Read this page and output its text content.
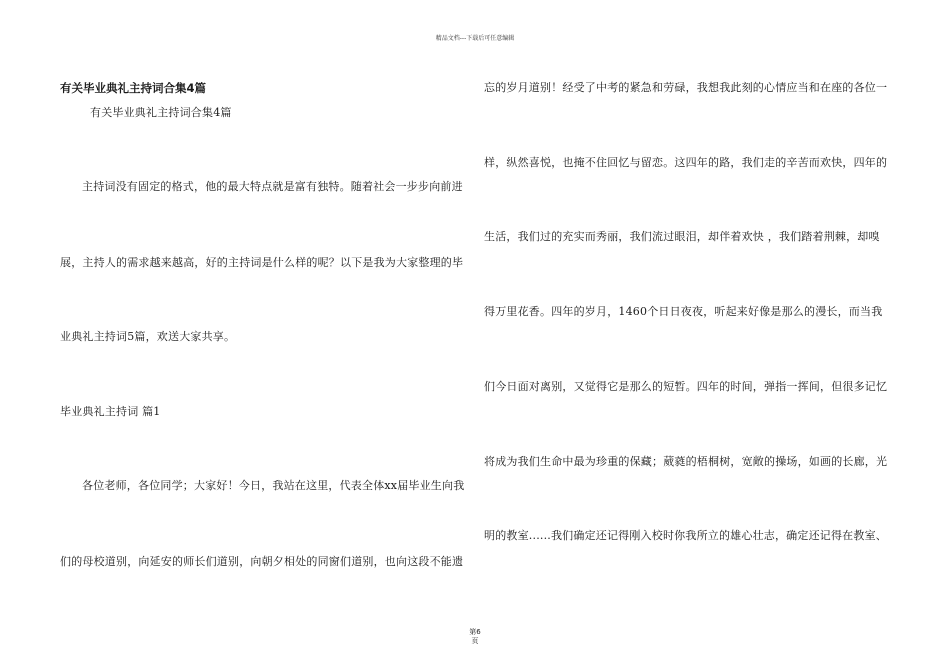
精品文档---下载后可任意编辑
有关毕业典礼主持词合集4篇
有关毕业典礼主持词合集4篇
主持词没有固定的格式，他的最大特点就是富有独特。随着社会一步步向前进
展，主持人的需求越来越高，好的主持词是什么样的呢？以下是我为大家整理的毕
业典礼主持词5篇，欢送大家共享。
毕业典礼主持词 篇1
各位老师，各位同学；大家好！今日，我站在这里，代表全体xx届毕业生向我
们的母校道别，向延安的师长们道别，向朝夕相处的同窗们道别，也向这段不能遗
忘的岁月道别！经受了中考的紧急和劳碌，我想我此刻的心情应当和在座的各位一
样，纵然喜悦，也掩不住回忆与留恋。这四年的路，我们走的辛苦而欢快，四年的
生活，我们过的充实而秀丽，我们流过眼泪，却伴着欢快 ，我们踏着荆棘，却嗅
得万里花香。四年的岁月，1460个日日夜夜，听起来好像是那么的漫长，而当我
们今日面对离别，又觉得它是那么的短暂。四年的时间，弹指一挥间，但很多记忆
将成为我们生命中最为珍重的保藏；葳蕤的梧桐树，宽敞的操场，如画的长廊，光
明的教室......我们确定还记得刚入校时你我所立的雄心壮志，确定还记得在教室、
第6
页
